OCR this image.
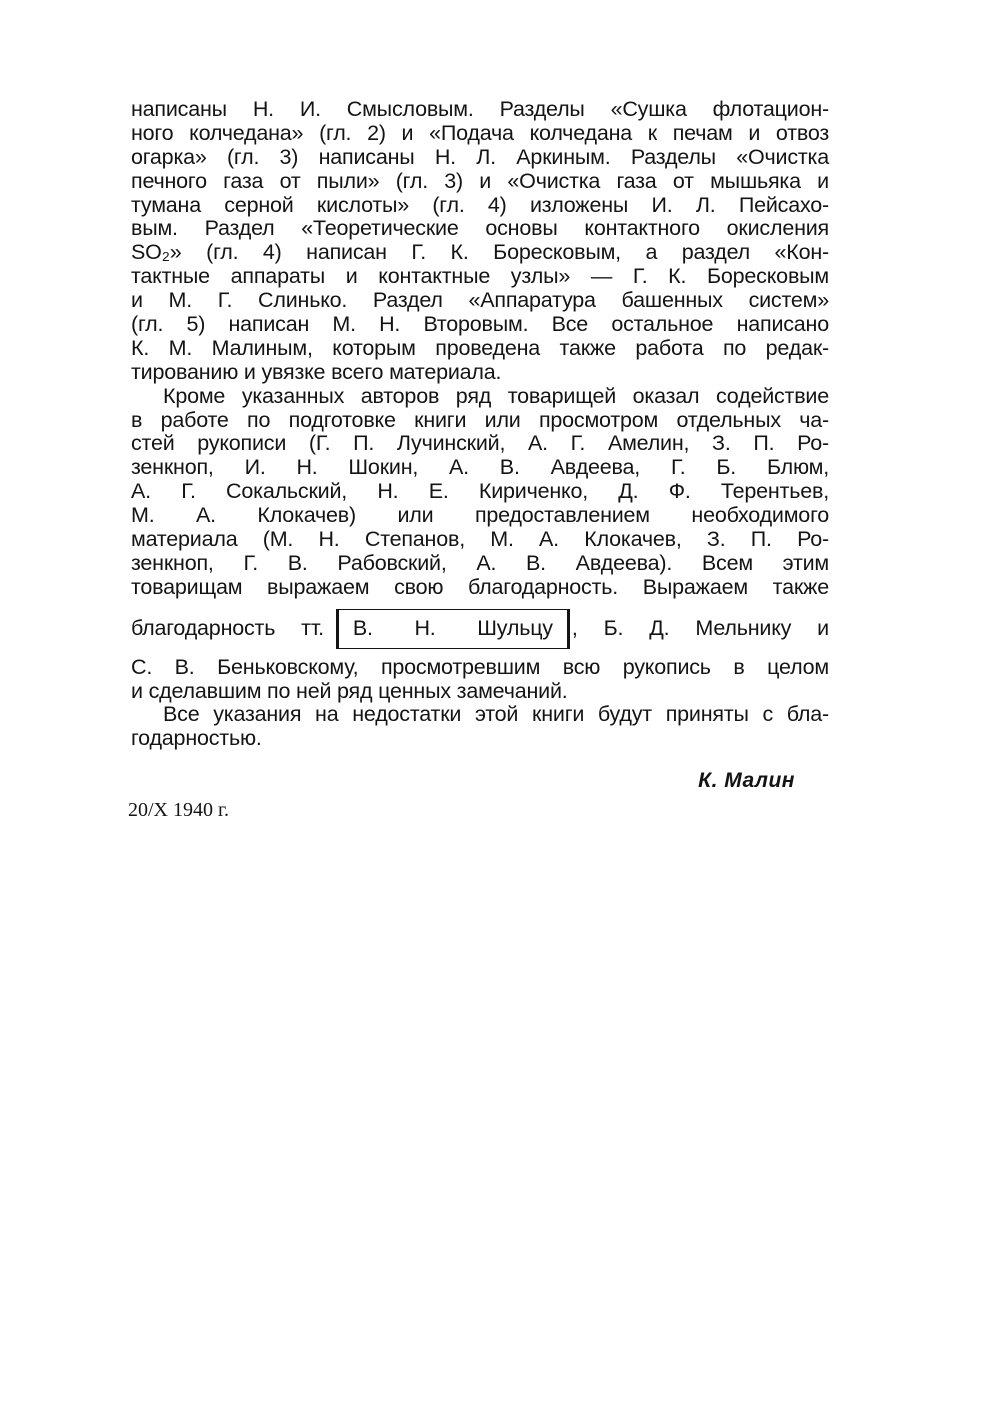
написаны Н. И. Смысловым. Разделы «Сушка флотацион-
ного колчедана» (гл. 2) и «Подача колчедана к печам и отвоз
огарка» (гл. 3) написаны Н. Л. Аркиным. Разделы «Очистка
печного газа от пыли» (гл. 3) и «Очистка газа от мышьяка и
тумана серной кислоты» (гл. 4) изложены И. Л. Пейсахо-
вым. Раздел «Теоретические основы контактного окисления
SO₂» (гл. 4) написан Г. К. Боресковым, а раздел «Кон-
тактные аппараты и контактные узлы» — Г. К. Боресковым
и М. Г. Слинько. Раздел «Аппаратура башенных систем»
(гл. 5) написан М. Н. Второвым. Все остальное написано
К. М. Малиным, которым проведена также работа по редак-
тированию и увязке всего материала.
Кроме указанных авторов ряд товарищей оказал содействие
в работе по подготовке книги или просмотром отдельных ча-
стей рукописи (Г. П. Лучинский, А. Г. Амелин, З. П. Ро-
зенкноп, И. Н. Шокин, А. В. Авдеева, Г. Б. Блюм,
А. Г. Сокальский, Н. Е. Кириченко, Д. Ф. Терентьев,
М. А. Клокачев) или предоставлением необходимого
материала (М. Н. Степанов, М. А. Клокачев, З. П. Ро-
зенкноп, Г. В. Рабовский, А. В. Авдеева). Всем этим
товарищам выражаем свою благодарность. Выражаем также
благодарность тт. В. Н. Шульцу , Б. Д. Мельнику и
С. В. Беньковскому, просмотревшим всю рукопись в целом
и сделавшим по ней ряд ценных замечаний.
Все указания на недостатки этой книги будут приняты с бла-
годарностью.
К. Малин
20/X 1940 г.
